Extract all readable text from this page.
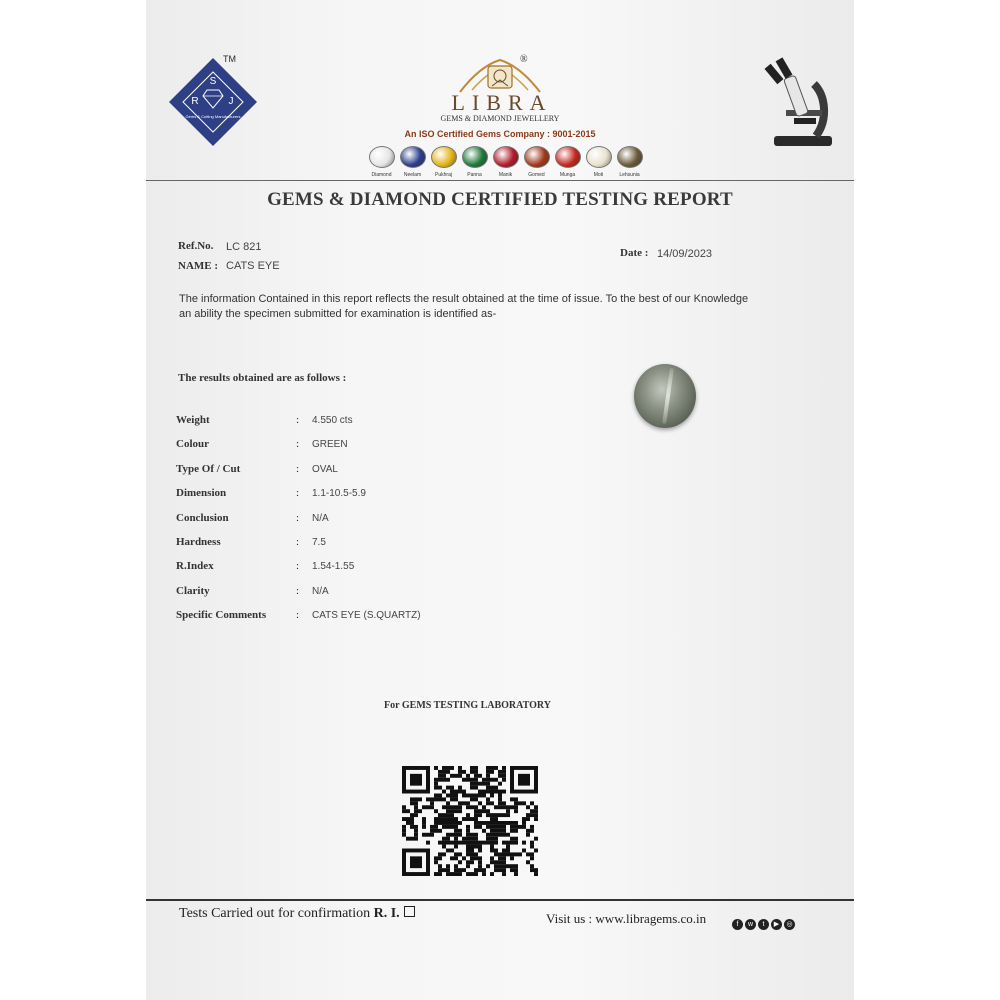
S
R	J
Gems & Cutting Manufacturers
TM	®
LIBRA
GEMS & DIAMOND JEWELLERY
An ISO Certified Gems Company : 9001-2015
Diamond Neelam	Pukhraj	Panna	Manik	Gomed	Munga	Moti	Lehsunia
GEMS & DIAMOND CERTIFIED TESTING REPORT
Ref.No. LC 821
NAME : CATS EYE
Date : 14/09/2023
The information Contained in this report reflects the result obtained at the time of issue. To the best of our Knowledge an ability the specimen submitted for examination is identified as-
The results obtained are as follows :
Weight	: 4.550 cts
Colour	: GREEN
Type Of / Cut	: OVAL
Dimension	: 1.1-10.5-5.9
Conclusion	: N/A
Hardness	: 7.5
R.Index	: 1.54-1.55
Clarity	: N/A
Specific Comments	: CATS EYE (S.QUARTZ)
For GEMS TESTING LABORATORY
Tests Carried out for confirmation R. I.	Visit us : www.libragems.co.in	f	w	t	▶	◎
